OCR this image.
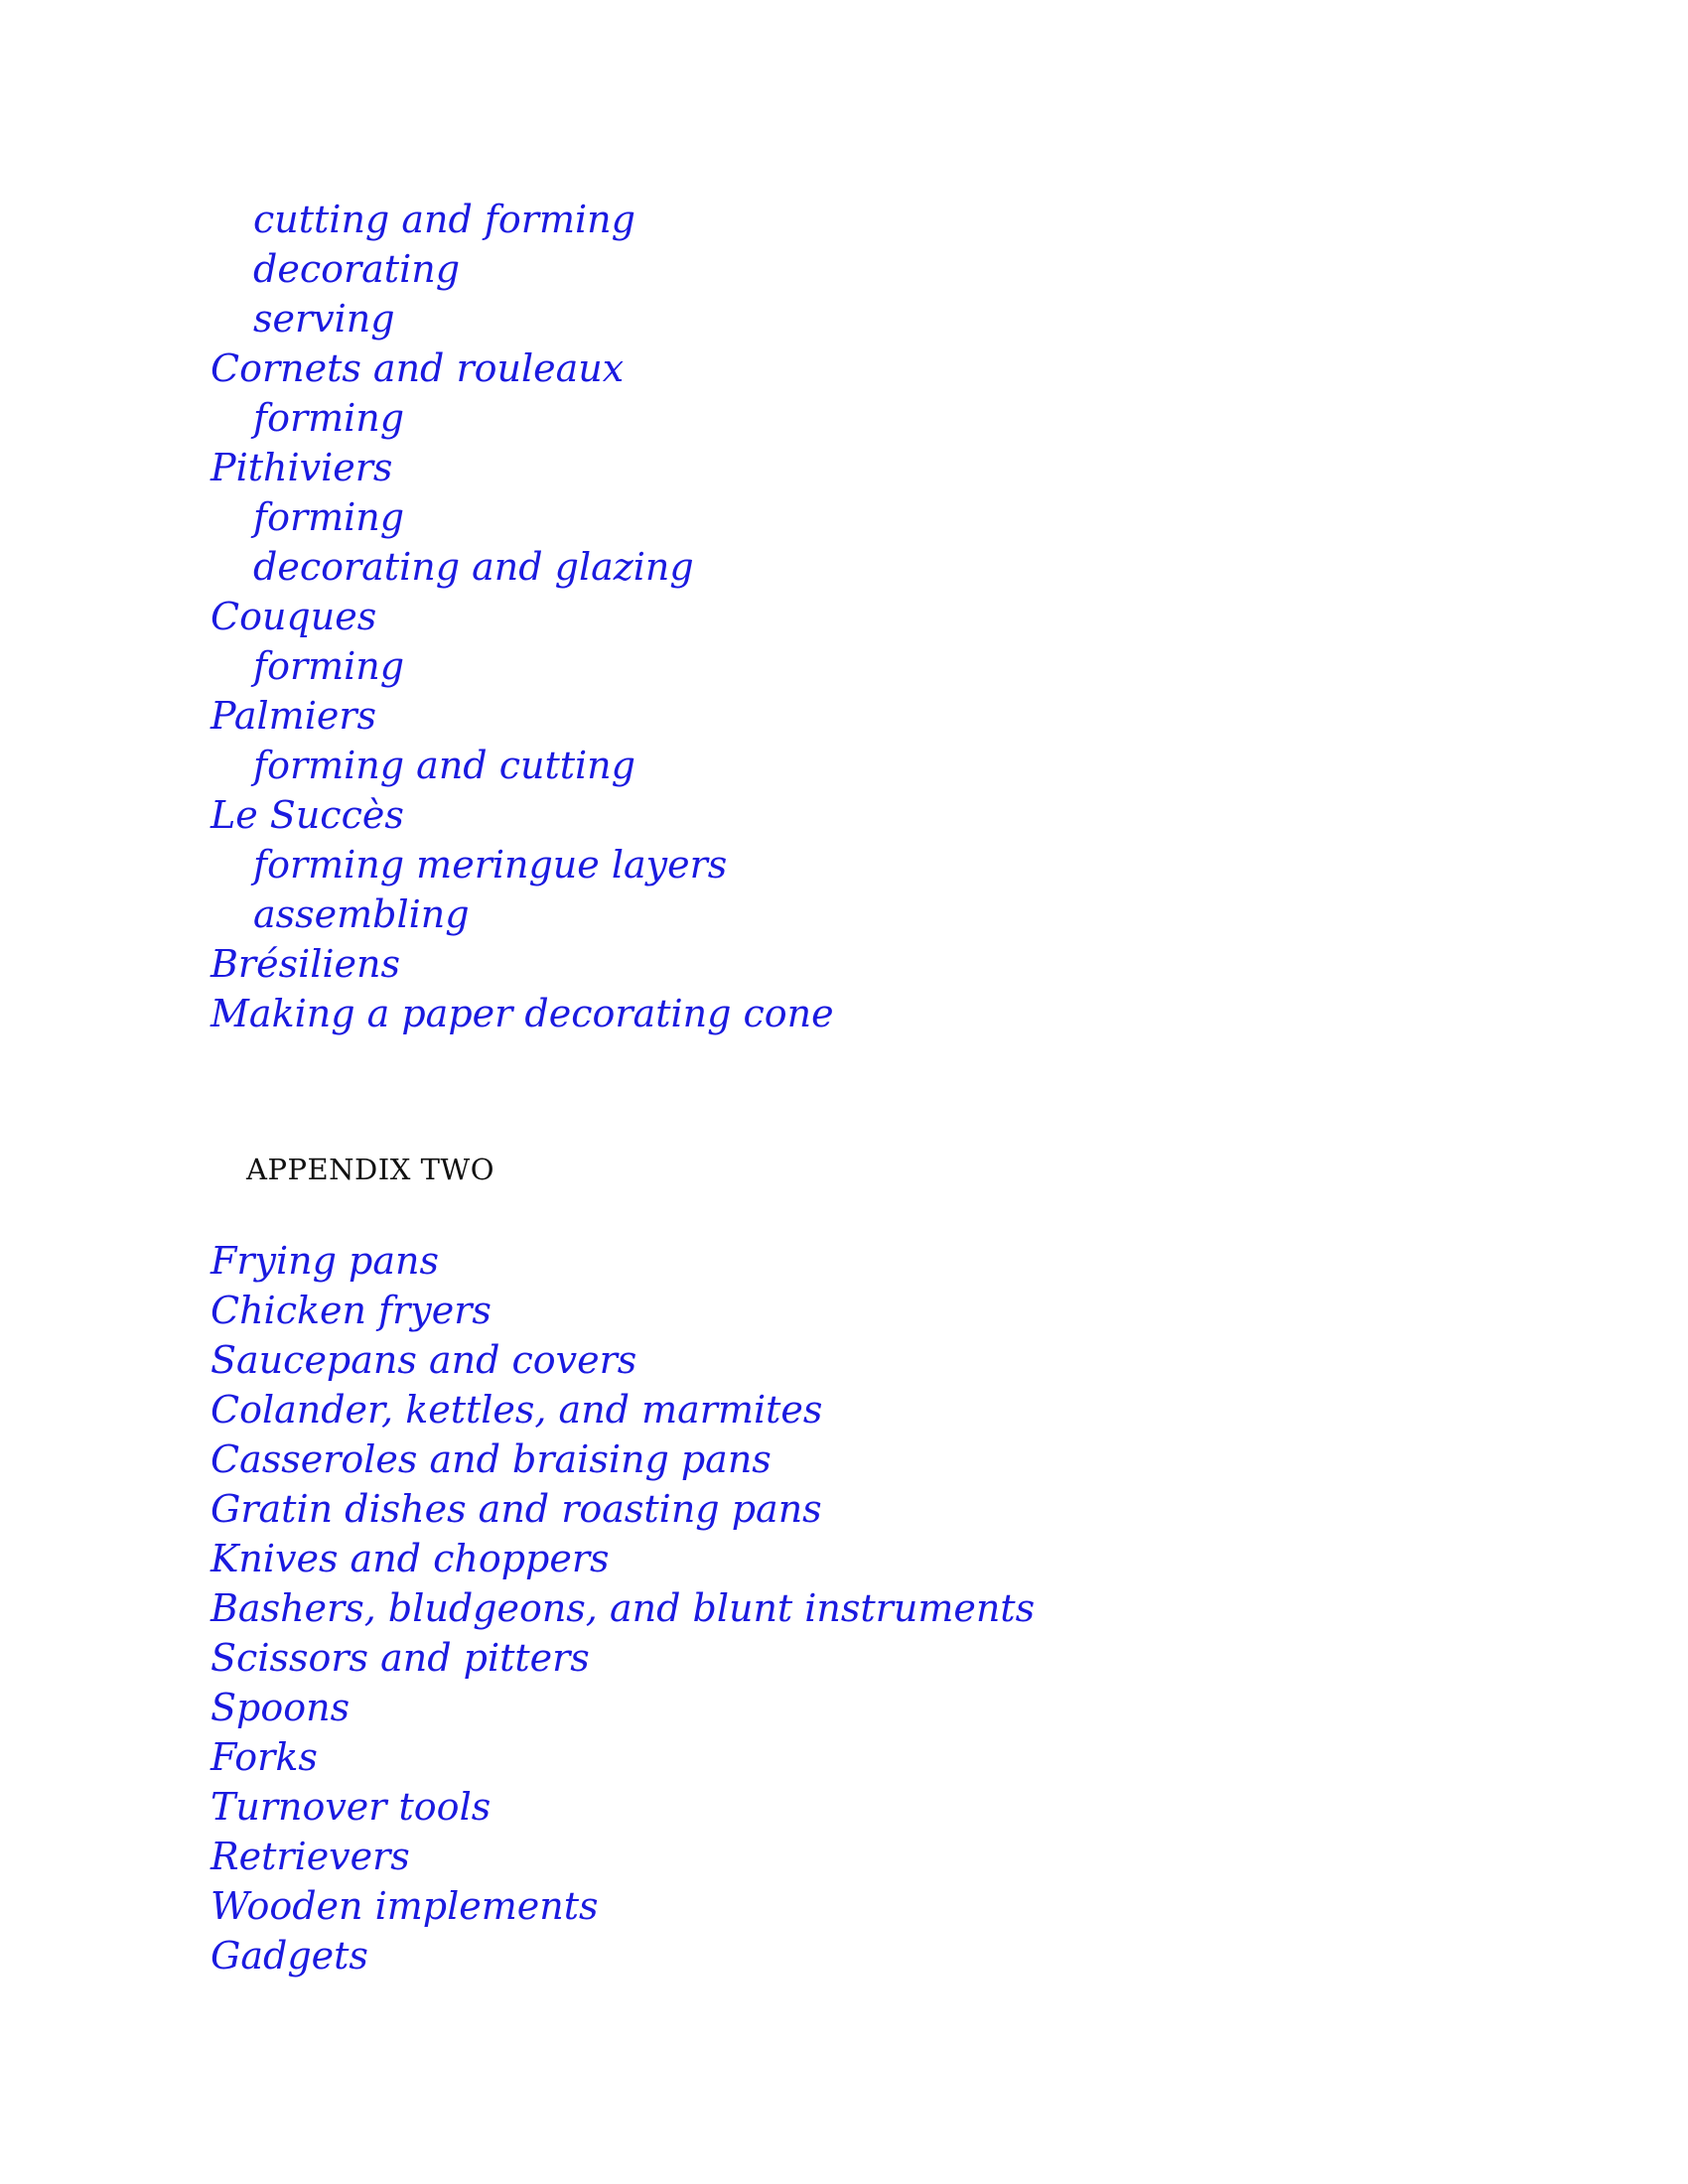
cutting and forming
decorating
serving
Cornets and rouleaux
forming
Pithiviers
forming
decorating and glazing
Couques
forming
Palmiers
forming and cutting
Le Succès
forming meringue layers
assembling
Brésiliens
Making a paper decorating cone
APPENDIX TWO
Frying pans
Chicken fryers
Saucepans and covers
Colander, kettles, and marmites
Casseroles and braising pans
Gratin dishes and roasting pans
Knives and choppers
Bashers, bludgeons, and blunt instruments
Scissors and pitters
Spoons
Forks
Turnover tools
Retrievers
Wooden implements
Gadgets
